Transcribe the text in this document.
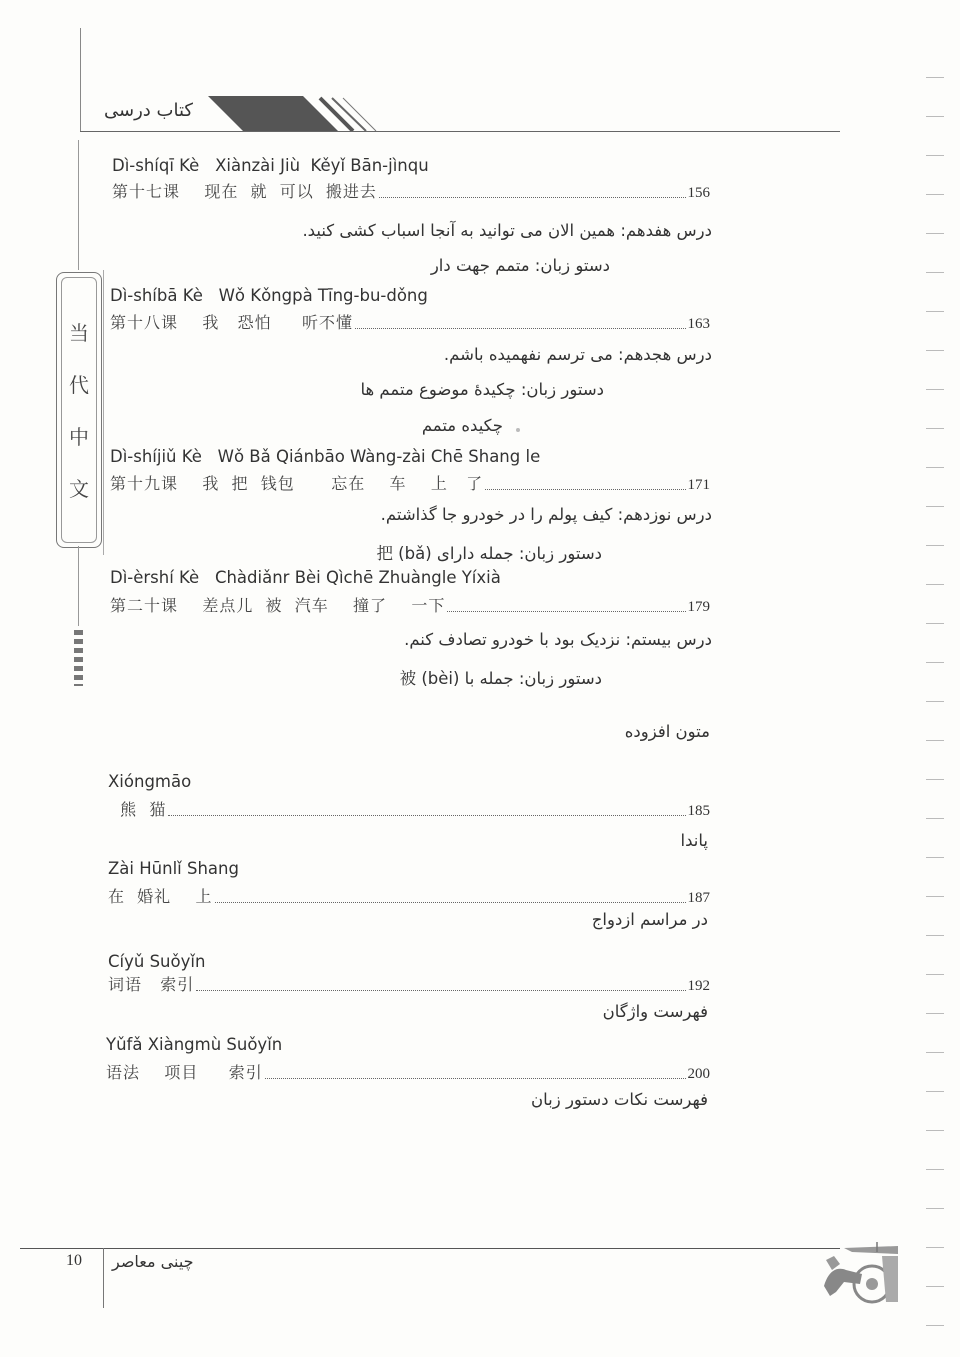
کتاب درسی
当
代
中
文
Dì-shíqī Kè   Xiànzài Jiù  Kěyǐ Bān-jìnqu
第十七课    现在  就  可以  搬进去	156
درس هفدهم: همین الان می توانید به آنجا اسباب کشی کنید.
دستو زبان: متمم جهت دار
Dì-shíbā Kè   Wǒ Kǒngpà Tīng-bu-dǒng
第十八课    我   恐怕     听不懂	163
درس هجدهم: می ترسم نفهمیده باشم.
دستور زبان: چکیدۀ موضوع متمم ها
چکیده متمم
Dì-shíjiǔ Kè   Wǒ Bǎ Qiánbāo Wàng-zài Chē Shang le
第十九课    我  把  钱包      忘在    车    上   了	171
درس نوزدهم: کیف پولم را در خودرو جا گذاشتم.
دستور زبان: جمله دارای (bǎ) 把
Dì-èrshí Kè   Chàdiǎnr Bèi Qìchē Zhuàngle Yíxià
第二十课    差点儿  被  汽车    撞了    一下	179
درس بیستم: نزدیک بود با خودرو تصادف کنم.
دستور زبان: جمله با (bèi) 被
متون افزوده
Xióngmāo
熊  猫	185
پاندا
Zài Hūnlǐ Shang
在  婚礼    上	187
در مراسم ازدواج
Cíyǔ Suǒyǐn
词语   索引	192
فهرست واژگان
Yǔfǎ Xiàngmù Suǒyǐn
语法    项目     索引	200
فهرست نکات دستور زبان
10 چینی معاصر
